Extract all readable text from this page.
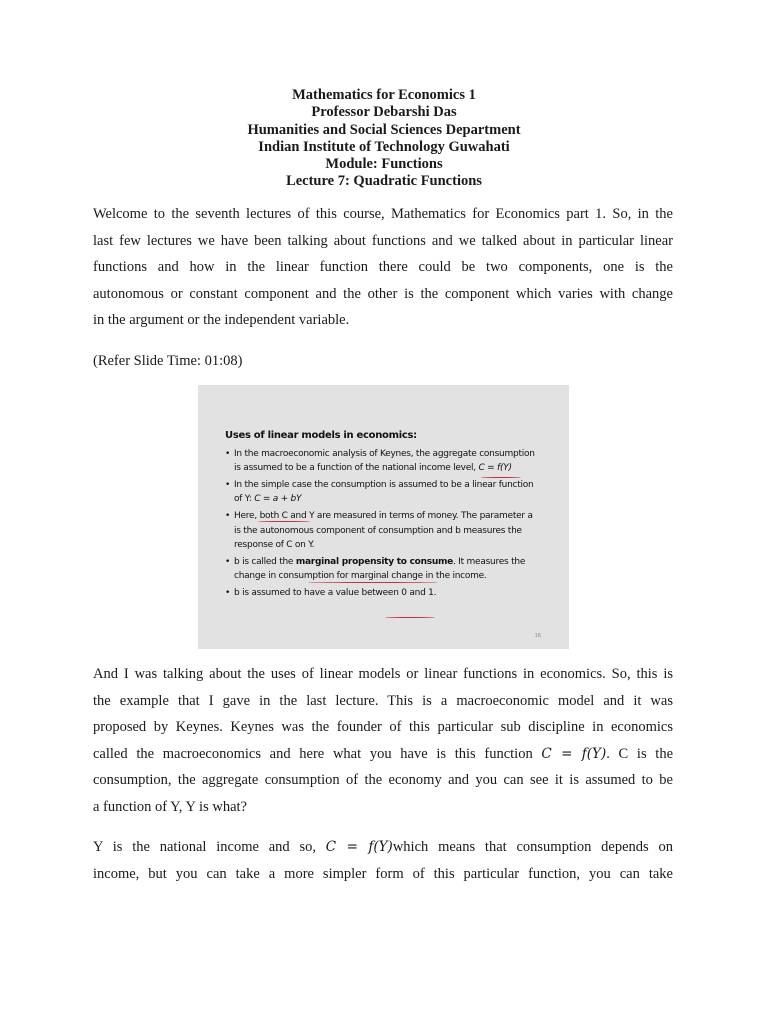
Mathematics for Economics 1
Professor Debarshi Das
Humanities and Social Sciences Department
Indian Institute of Technology Guwahati
Module: Functions
Lecture 7: Quadratic Functions
Welcome to the seventh lectures of this course, Mathematics for Economics part 1. So, in the
last few lectures we have been talking about functions and we talked about in particular linear
functions and how in the linear function there could be two components, one is the
autonomous or constant component and the other is the component which varies with change
in the argument or the independent variable.
(Refer Slide Time: 01:08)
Uses of linear models in economics:
• In the macroeconomic analysis of Keynes, the aggregate consumption
is assumed to be a function of the national income level, C = f(Y)
• In the simple case the consumption is assumed to be a linear function
of Y: C = a + bY
• Here, both C and Y are measured in terms of money. The parameter a
is the autonomous component of consumption and b measures the
response of C on Y.
• b is called the marginal propensity to consume. It measures the
change in consumption for marginal change in the income.
• b is assumed to have a value between 0 and 1.
16
And I was talking about the uses of linear models or linear functions in economics. So, this is
the example that I gave in the last lecture. This is a macroeconomic model and it was
proposed by Keynes. Keynes was the founder of this particular sub discipline in economics
called the macroeconomics and here what you have is this function C = f(Y). C is the
consumption, the aggregate consumption of the economy and you can see it is assumed to be
a function of Y, Y is what?
Y is the national income and so, C = f(Y)which means that consumption depends on
income, but you can take a more simpler form of this particular function, you can take
